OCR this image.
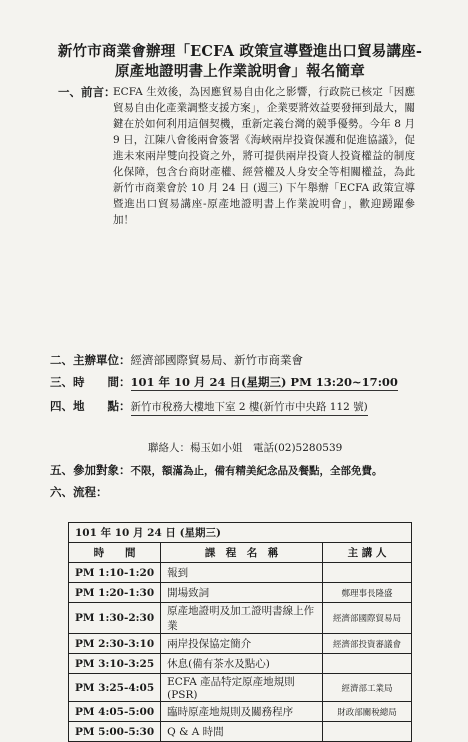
新竹市商業會辦理「ECFA 政策宣導暨進出口貿易講座-
原產地證明書上作業說明會」報名簡章
一、前言：

ECFA 生效後，為因應貿易自由化之影響，行政院已核定「因應貿易自由化產業調整支援方案」，企業要將效益要發揮到最大，關鍵在於如何利用這個契機，重新定義台灣的競爭優勢。今年 8 月 9 日，江陳八會後兩會簽署《海峽兩岸投資保護和促進協議》，促進未來兩岸雙向投資之外，將可提供兩岸投資人投資權益的制度化保障，包含台商財產權、經營權及人身安全等相關權益，為此新竹市商業會於 10 月 24 日 (週三) 下午舉辦「ECFA 政策宣導暨進出口貿易講座-原產地證明書上作業說明會」，歡迎踴躍參加！

二、主辦單位：經濟部國際貿易局、新竹市商業會
三、時　　間：101 年 10 月 24 日(星期三) PM 13:20~17:00
四、地　　點：新竹市稅務大樓地下室 2 樓(新竹市中央路 112 號)
聯絡人：楊玉如小姐　電話(02)5280539
五、參加對象：不限，額滿為止，備有精美紀念品及餐點，全部免費。
六、流程：
101 年 10 月 24 日 (星期三)		
時　　間	課　程　名　稱	主 講 人
PM 1:10-1:20	報到	
PM 1:20-1:30	開場致詞	鄭理事長隆盛
PM 1:30-2:30	原產地證明及加工證明書線上作業	經濟部國際貿易局
PM 2:30-3:10	兩岸投保協定簡介	經濟部投資審議會
PM 3:10-3:25	休息(備有茶水及點心)	
PM 3:25-4:05	ECFA 產品特定原產地規則(PSR)	經濟部工業局
PM 4:05-5:00	臨時原產地規則及關務程序	財政部關稅總局
PM 5:00-5:30	Q & A 時間	
